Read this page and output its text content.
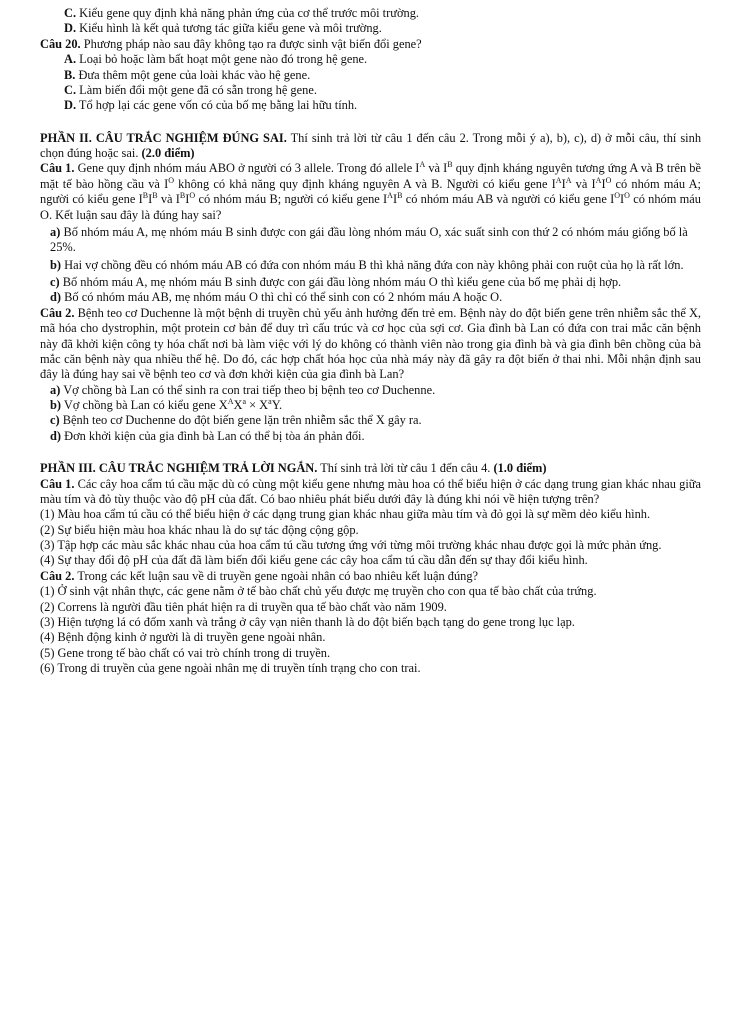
C. Kiểu gene quy định khả năng phản ứng của cơ thể trước môi trường.

D. Kiểu hình là kết quả tương tác giữa kiểu gene và môi trường.

Câu 20. Phương pháp nào sau đây không tạo ra được sinh vật biến đổi gene?

A. Loại bỏ hoặc làm bất hoạt một gene nào đó trong hệ gene.

B. Đưa thêm một gene của loài khác vào hệ gene.

C. Làm biến đổi một gene đã có sẵn trong hệ gene.

D. Tổ hợp lại các gene vốn có của bố mẹ bằng lai hữu tính.

PHẦN II. CÂU TRẮC NGHIỆM ĐÚNG SAI. Thí sinh trả lời từ câu 1 đến câu 2. Trong mỗi ý a), b), c), d) ở mỗi câu, thí sinh chọn đúng hoặc sai. (2.0 điểm)

Câu 1. Gene quy định nhóm máu ABO ở người có 3 allele. Trong đó allele $I^A$ và $I^B$ quy định kháng nguyên tương ứng A và B trên bề mặt tế bào hồng cầu và $I^O$ không có khả năng quy định kháng nguyên A và B. Người có kiểu gene $I^AI^A$ và $I^AI^O$ có nhóm máu A; người có kiểu gene $I^BI^B$ và $I^BI^O$ có nhóm máu B; người có kiểu gene $I^AI^B$ có nhóm máu AB và người có kiểu gene $I^OI^O$ có nhóm máu O. Kết luận sau đây là đúng hay sai?

a) Bố nhóm máu A, mẹ nhóm máu B sinh được con gái đầu lòng nhóm máu O, xác suất sinh con thứ 2 có nhóm máu giống bố là 25%.

b) Hai vợ chồng đều có nhóm máu AB có đứa con nhóm máu B thì khả năng đứa con này không phải con ruột của họ là rất lớn.

c) Bố nhóm máu A, mẹ nhóm máu B sinh được con gái đầu lòng nhóm máu O thì kiểu gene của bố mẹ phải dị hợp.

d) Bố có nhóm máu AB, mẹ nhóm máu O thì chỉ có thể sinh con có 2 nhóm máu A hoặc O.

Câu 2. Bệnh teo cơ Duchenne là một bệnh di truyền chủ yếu ảnh hưởng đến trẻ em. Bệnh này do đột biến gene trên nhiễm sắc thể X, mã hóa cho dystrophin, một protein cơ bản để duy trì cấu trúc và cơ học của sợi cơ. Gia đình bà Lan có đứa con trai mắc căn bệnh này đã khởi kiện công ty hóa chất nơi bà làm việc với lý do không có thành viên nào trong gia đình bà và gia đình bên chồng của bà mắc căn bệnh này qua nhiều thế hệ. Do đó, các hợp chất hóa học của nhà máy này đã gây ra đột biến ở thai nhi. Mỗi nhận định sau đây là đúng hay sai về bệnh teo cơ và đơn khởi kiện của gia đình bà Lan?

a) Vợ chồng bà Lan có thể sinh ra con trai tiếp theo bị bệnh teo cơ Duchenne.

b) Vợ chồng bà Lan có kiểu gene $X^AX^a \times X^aY$.

c) Bệnh teo cơ Duchenne do đột biến gene lặn trên nhiễm sắc thể X gây ra.

d) Đơn khởi kiện của gia đình bà Lan có thể bị tòa án phản đối.

PHẦN III. CÂU TRẮC NGHIỆM TRẢ LỜI NGẮN. Thí sinh trả lời từ câu 1 đến câu 4. (1.0 điểm)

Câu 1. Các cây hoa cẩm tú cầu mặc dù có cùng một kiểu gene nhưng màu hoa có thể biểu hiện ở các dạng trung gian khác nhau giữa màu tím và đỏ tùy thuộc vào độ pH của đất. Có bao nhiêu phát biểu dưới đây là đúng khi nói về hiện tượng trên?

(1) Màu hoa cẩm tú cầu có thể biểu hiện ở các dạng trung gian khác nhau giữa màu tím và đỏ gọi là sự mềm dẻo kiểu hình.

(2) Sự biểu hiện màu hoa khác nhau là do sự tác động cộng gộp.

(3) Tập hợp các màu sắc khác nhau của hoa cẩm tú cầu tương ứng với từng môi trường khác nhau được gọi là mức phản ứng.

(4) Sự thay đổi độ pH của đất đã làm biến đổi kiểu gene các cây hoa cẩm tú cầu dẫn đến sự thay đổi kiểu hình.

Câu 2. Trong các kết luận sau về di truyền gene ngoài nhân có bao nhiêu kết luận đúng?

(1) Ở sinh vật nhân thực, các gene nằm ở tế bào chất chủ yếu được mẹ truyền cho con qua tế bào chất của trứng.

(2) Correns là người đầu tiên phát hiện ra di truyền qua tế bào chất vào năm 1909.

(3) Hiện tượng lá có đốm xanh và trắng ở cây vạn niên thanh là do đột biến bạch tạng do gene trong lục lạp.

(4) Bệnh động kinh ở người là di truyền gene ngoài nhân.

(5) Gene trong tế bào chất có vai trò chính trong di truyền.

(6) Trong di truyền của gene ngoài nhân mẹ di truyền tính trạng cho con trai.
